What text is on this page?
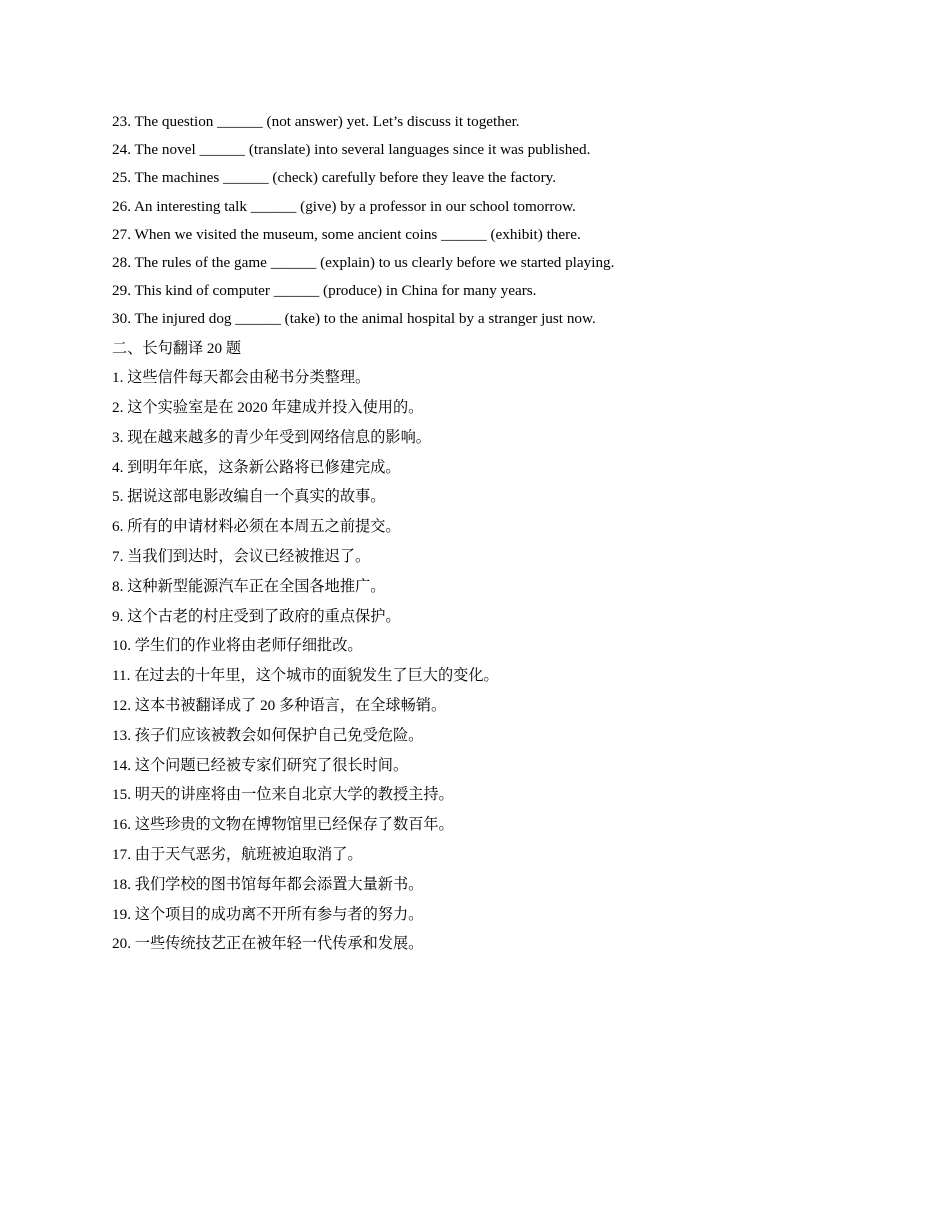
23. The question ______ (not answer) yet. Let’s discuss it together.
24. The novel ______ (translate) into several languages since it was published.
25. The machines ______ (check) carefully before they leave the factory.
26. An interesting talk ______ (give) by a professor in our school tomorrow.
27. When we visited the museum, some ancient coins ______ (exhibit) there.
28. The rules of the game ______ (explain) to us clearly before we started playing.
29. This kind of computer ______ (produce) in China for many years.
30. The injured dog ______ (take) to the animal hospital by a stranger just now.
二、长句翻译 20 题
1. 这些信件每天都会由秘书分类整理。
2. 这个实验室是在 2020 年建成并投入使用的。
3. 现在越来越多的青少年受到网络信息的影响。
4. 到明年年底，这条新公路将已修建完成。
5. 据说这部电影改编自一个真实的故事。
6. 所有的申请材料必须在本周五之前提交。
7. 当我们到达时，会议已经被推迟了。
8. 这种新型能源汽车正在全国各地推广。
9. 这个古老的村庄受到了政府的重点保护。
10. 学生们的作业将由老师仔细批改。
11. 在过去的十年里，这个城市的面貌发生了巨大的变化。
12. 这本书被翻译成了 20 多种语言，在全球畅销。
13. 孩子们应该被教会如何保护自己免受危险。
14. 这个问题已经被专家们研究了很长时间。
15. 明天的讲座将由一位来自北京大学的教授主持。
16. 这些珍贵的文物在博物馆里已经保存了数百年。
17. 由于天气恶劣，航班被迫取消了。
18. 我们学校的图书馆每年都会添置大量新书。
19. 这个项目的成功离不开所有参与者的努力。
20. 一些传统技艺正在被年轻一代传承和发展。
